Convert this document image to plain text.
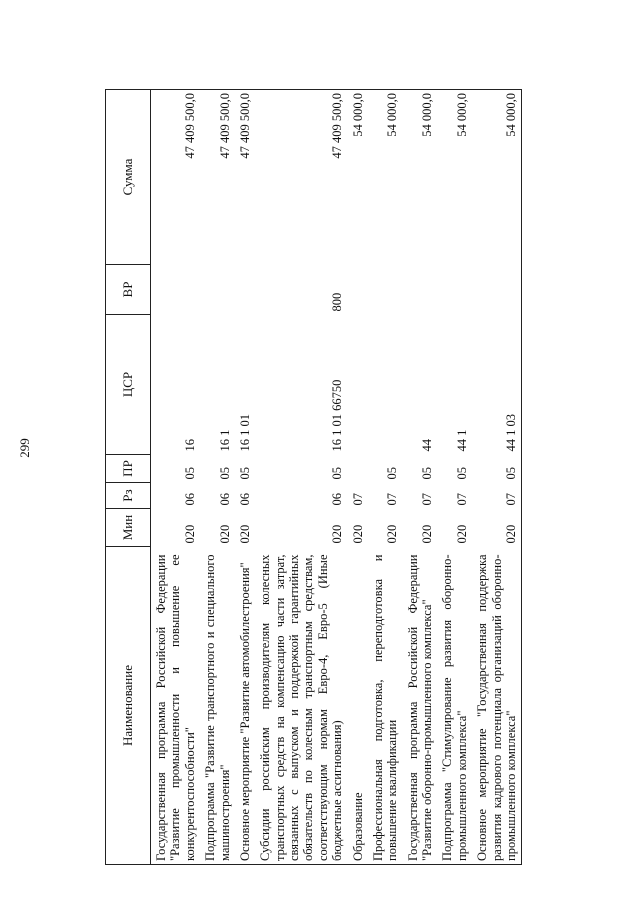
299
Наименование	Мин	Рз	ПР	ЦСР	ВР	Сумма
Государственная программа Российской Федерации "Развитие промышленности и повышение ее конкурентоспособности"	020	06	05	16		47 409 500,0
Подпрограмма "Развитие транспортного и специального машиностроения"	020	06	05	16 1		47 409 500,0
Основное мероприятие "Развитие автомобилестроения"	020	06	05	16 1 01		47 409 500,0
Субсидии российским производителям колесных транспортных средств на компенсацию части затрат, связанных с выпуском и поддержкой гарантийных обязательств по колесным транспортным средствам, соответствующим нормам Евро-4, Евро-5 (Иные бюджетные ассигнования)	020	06	05	16 1 01 66750	800	47 409 500,0
Образование	020	07				54 000,0
Профессиональная подготовка, переподготовка и повышение квалификации	020	07	05			54 000,0
Государственная программа Российской Федерации "Развитие оборонно-промышленного комплекса"	020	07	05	44		54 000,0
Подпрограмма "Стимулирование развития оборонно-промышленного комплекса"	020	07	05	44 1		54 000,0
Основное мероприятие "Государственная поддержка развития кадрового потенциала организаций оборонно-промышленного комплекса"	020	07	05	44 1 03		54 000,0
